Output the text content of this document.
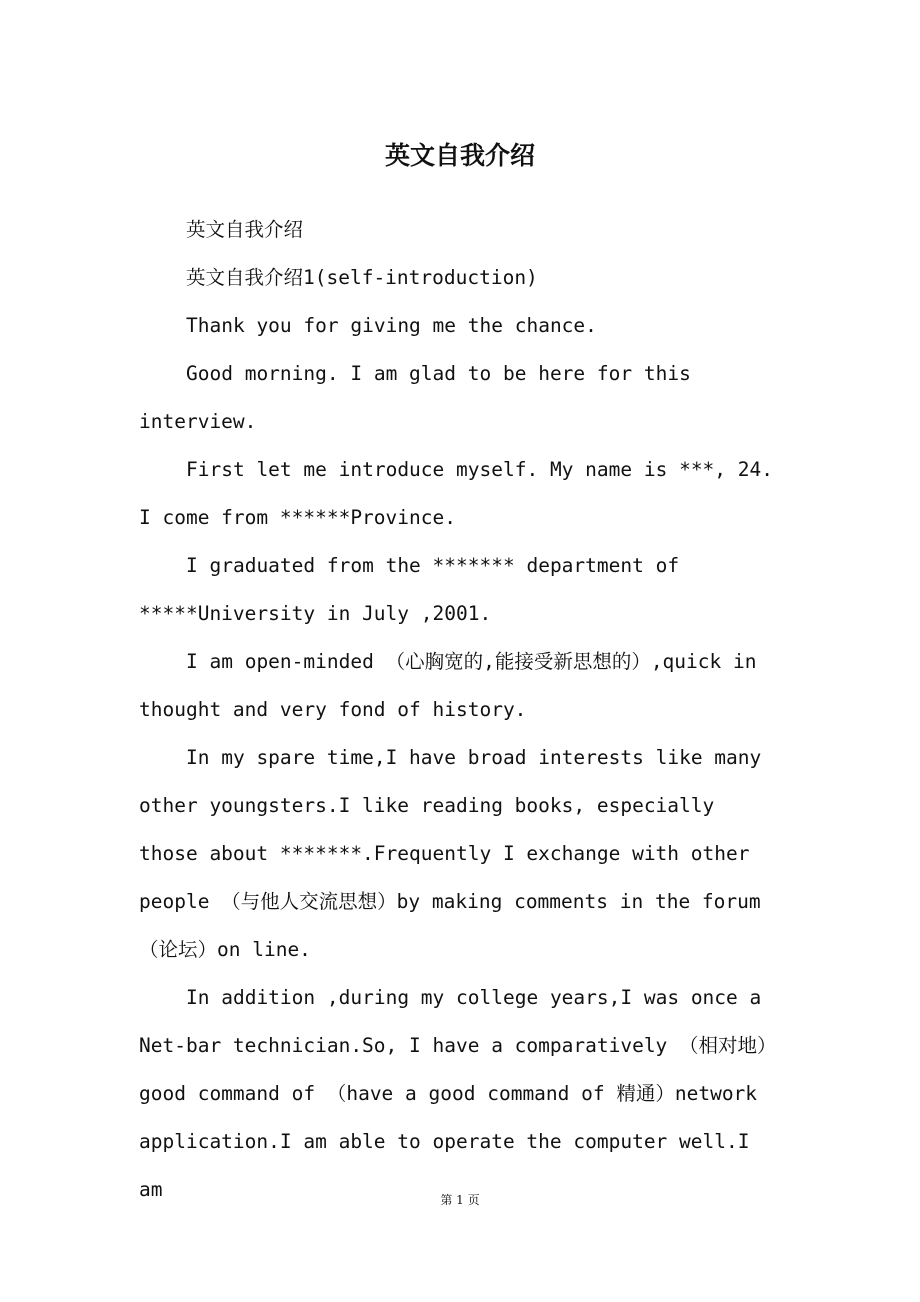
英文自我介绍

英文自我介绍

英文自我介绍1(self-introduction)

Thank you for giving me the chance.

Good morning. I am glad to be here for this interview.

First let me introduce myself. My name is ***, 24. I come from ******Province.

I graduated from the ******* department of *****University in July ,2001.

I am open-minded （心胸宽的,能接受新思想的）,quick in thought and very fond of history.

In my spare time,I have broad interests like many other youngsters.I like reading books, especially those about *******.Frequently I exchange with other people （与他人交流思想）by making comments in the forum （论坛）on line.

In addition ,during my college years,I was once a Net-bar technician.So, I have a comparatively （相对地）good command of （have a good command of 精通）network application.I am able to operate the computer well.I am	第 1 页
